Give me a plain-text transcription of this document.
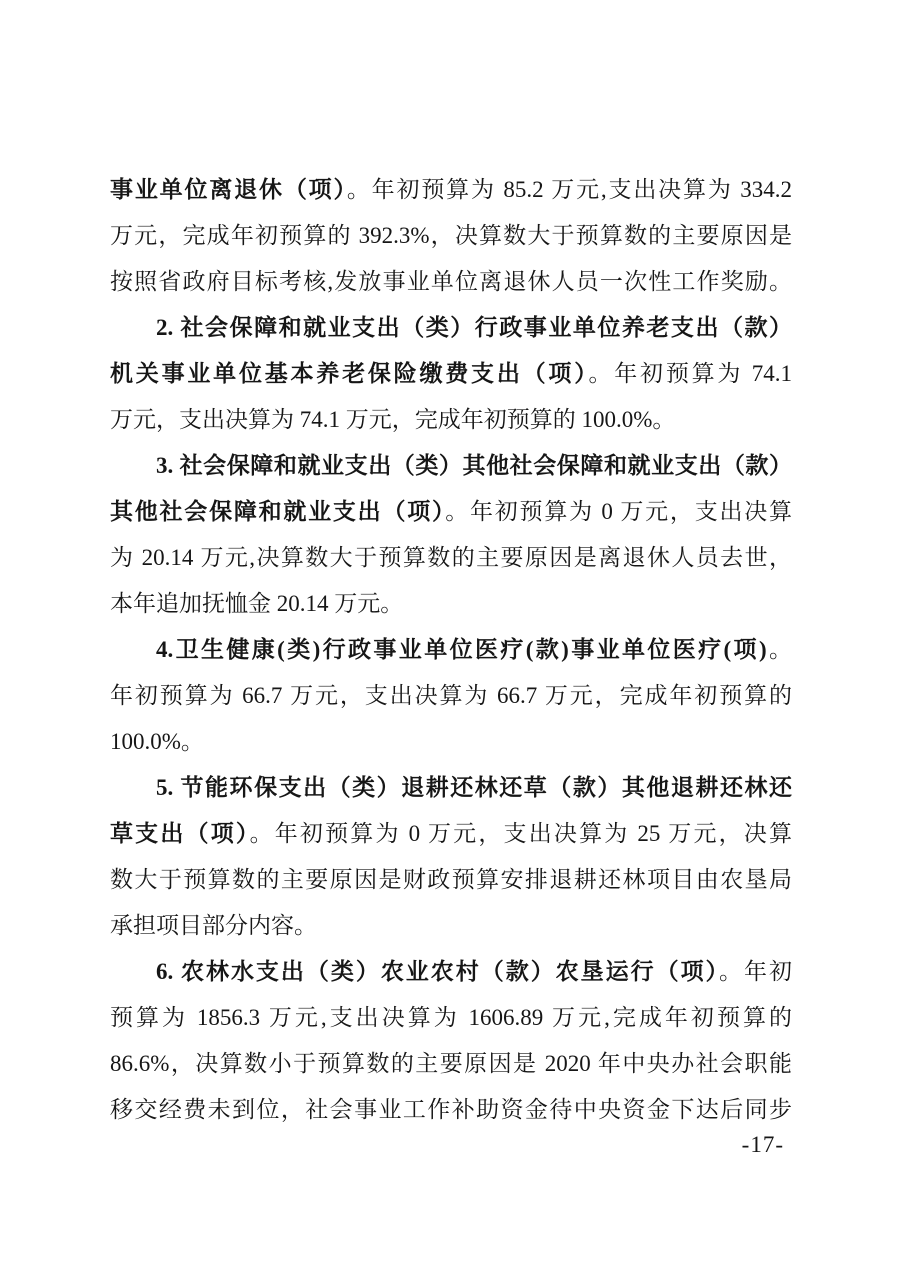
事业单位离退休（项）。年初预算为 85.2 万元,支出决算为 334.2
万元，完成年初预算的 392.3%，决算数大于预算数的主要原因是
按照省政府目标考核,发放事业单位离退休人员一次性工作奖励。
2. 社会保障和就业支出（类）行政事业单位养老支出（款）
机关事业单位基本养老保险缴费支出（项）。年初预算为 74.1
万元，支出决算为 74.1 万元，完成年初预算的 100.0%。
3. 社会保障和就业支出（类）其他社会保障和就业支出（款）
其他社会保障和就业支出（项）。年初预算为 0 万元，支出决算
为 20.14 万元,决算数大于预算数的主要原因是离退休人员去世，
本年追加抚恤金 20.14 万元。
4.卫生健康(类)行政事业单位医疗(款)事业单位医疗(项)。
年初预算为 66.7 万元，支出决算为 66.7 万元，完成年初预算的
100.0%。
5. 节能环保支出（类）退耕还林还草（款）其他退耕还林还
草支出（项）。年初预算为 0 万元，支出决算为 25 万元，决算
数大于预算数的主要原因是财政预算安排退耕还林项目由农垦局
承担项目部分内容。
6. 农林水支出（类）农业农村（款）农垦运行（项）。年初
预算为 1856.3 万元,支出决算为 1606.89 万元,完成年初预算的
86.6%，决算数小于预算数的主要原因是 2020 年中央办社会职能
移交经费未到位，社会事业工作补助资金待中央资金下达后同步
-17-
